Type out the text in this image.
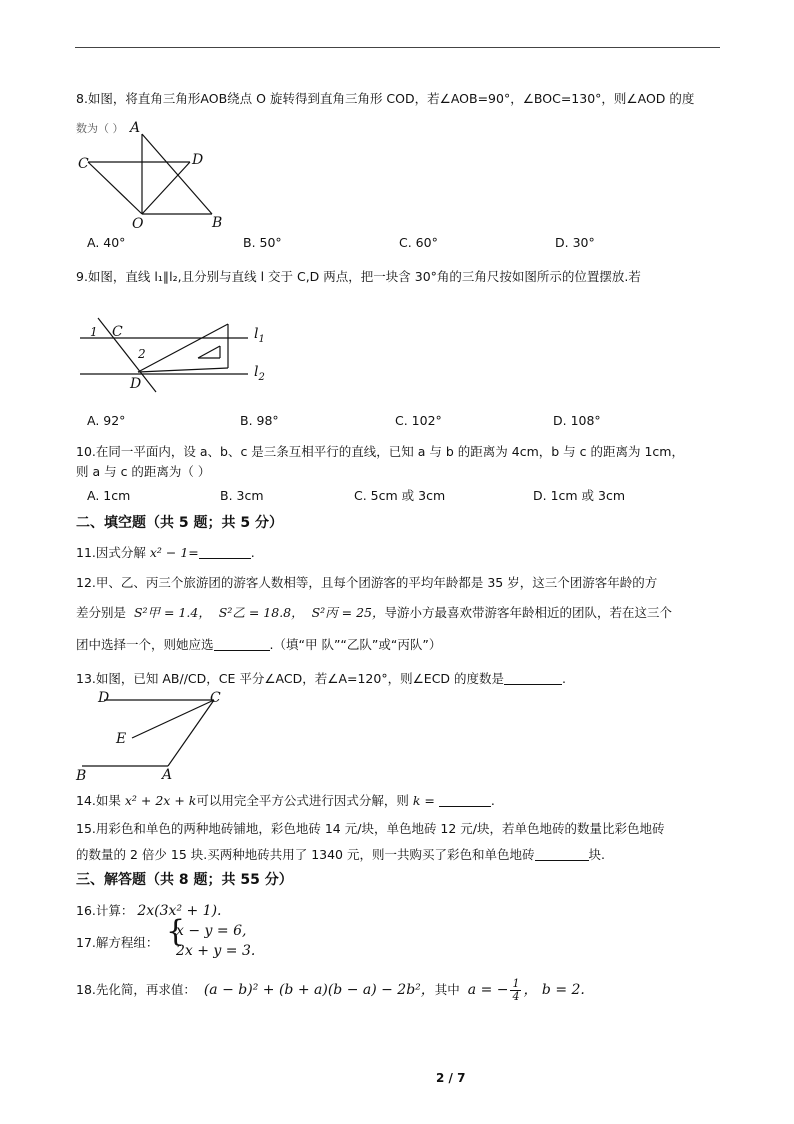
8.如图，将直角三角形AOB绕点 O 旋转得到直角三角形 COD，若∠AOB=90°，∠BOC=130°，则∠AOD 的度
数为（ ） A
C	D
O	B
A. 40°	B. 50°	C. 60°	D. 30°
9.如图，直线 l₁∥l₂,且分别与直线 l 交于 C,D 两点，把一块含 30°角的三角尺按如图所示的位置摆放.若
1 C
2
D
$l_1$
$l_2$
A. 92°	B. 98°	C. 102°	D. 108°
10.在同一平面内，设 a、b、c 是三条互相平行的直线，已知 a 与 b 的距离为 4cm，b 与 c 的距离为 1cm，
则 a 与 c 的距离为（ ）
A. 1cm	B. 3cm	C. 5cm 或 3cm	D. 1cm 或 3cm
二、填空题（共 5 题；共 5 分）
11.因式分解 x² − 1=	.
12.甲、乙、丙三个旅游团的游客人数相等，且每个团游客的平均年龄都是 35 岁，这三个团游客年龄的方
差分别是 S²甲 = 1.4， S²乙 = 18.8， S²丙 = 25，导游小方最喜欢带游客年龄相近的团队，若在这三个
团中选择一个，则她应选	.（填“甲 队”“乙队”或“丙队”）
13.如图，已知 AB//CD，CE 平分∠ACD，若∠A=120°，则∠ECD 的度数是	.
D	C
E
B	A
14.如果 x² + 2x + k可以用完全平方公式进行因式分解，则 k =	.
15.用彩色和单色的两种地砖铺地，彩色地砖 14 元/块，单色地砖 12 元/块，若单色地砖的数量比彩色地砖
的数量的 2 倍少 15 块.买两种地砖共用了 1340 元，则一共购买了彩色和单色地砖	块.
三、解答题（共 8 题；共 55 分）
16.计算： 2x(3x² + 1).
17.解方程组： {
x − y = 6,
2x + y = 3.
18.先化简，再求值： (a − b)² + (b + a)(b − a) − 2b²，其中 a = − $\frac{1}{4}$ ， b = 2.
2 / 7
